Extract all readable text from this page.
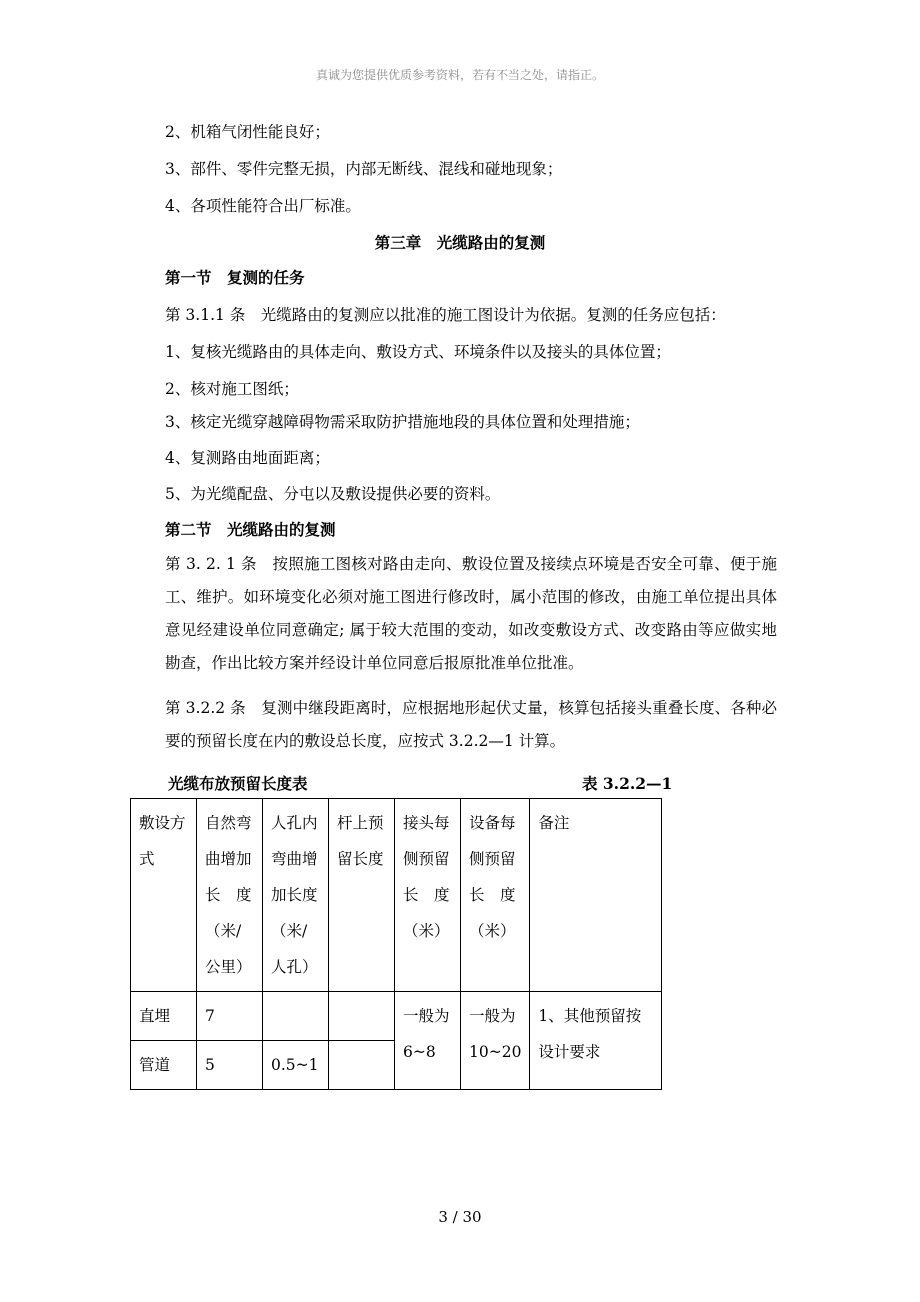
真诚为您提供优质参考资料，若有不当之处，请指正。
2、机箱气闭性能良好；
3、部件、零件完整无损，内部无断线、混线和碰地现象；
4、各项性能符合出厂标准。
第三章　光缆路由的复测
第一节　复测的任务
第 3.1.1 条　光缆路由的复测应以批准的施工图设计为依据。复测的任务应包括：
1、复核光缆路由的具体走向、敷设方式、环境条件以及接头的具体位置；
2、核对施工图纸；
3、核定光缆穿越障碍物需采取防护措施地段的具体位置和处理措施；
4、复测路由地面距离；
5、为光缆配盘、分屯以及敷设提供必要的资料。
第二节　光缆路由的复测
第 3. 2. 1 条　按照施工图核对路由走向、敷设位置及接续点环境是否安全可靠、便于施工、维护。如环境变化必须对施工图进行修改时，属小范围的修改，由施工单位提出具体意见经建设单位同意确定; 属于较大范围的变动，如改变敷设方式、改变路由等应做实地勘查，作出比较方案并经设计单位同意后报原批准单位批准。
第 3.2.2 条　复测中继段距离时，应根据地形起伏丈量，核算包括接头重叠长度、各种必要的预留长度在内的敷设总长度，应按式 3.2.2—1 计算。
光缆布放预留长度表	表 3.2.2—1
敷设方式	自然弯曲增加长　度（米/公里）	人孔内弯曲增加长度（米/人孔）	杆上预留长度	接头每侧预留长　度（米）	设备每侧预留长　度（米）	备注
直埋	7			一般为6~8	一般为10~20	1、其他预留按设计要求
管道	5	0.5~1				
3 / 30
